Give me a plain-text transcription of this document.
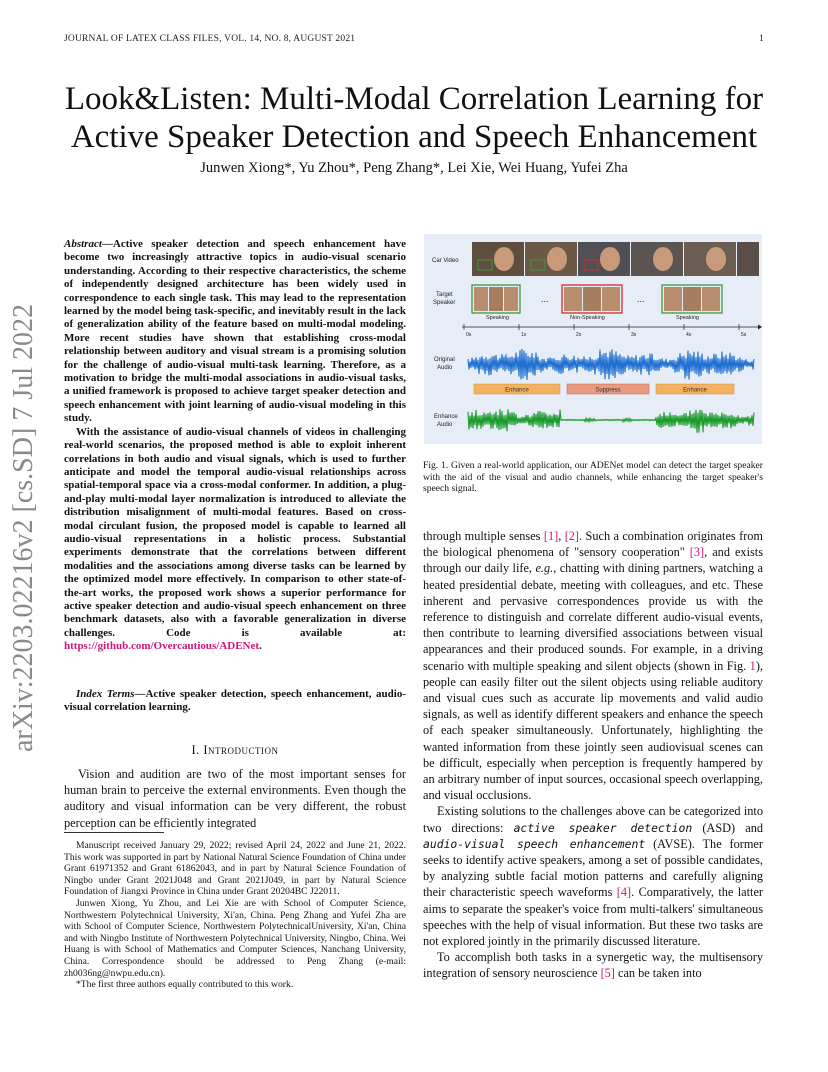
JOURNAL OF LATEX CLASS FILES, VOL. 14, NO. 8, AUGUST 2021	1
Look&Listen: Multi-Modal Correlation Learning for Active Speaker Detection and Speech Enhancement
Junwen Xiong*, Yu Zhou*, Peng Zhang*, Lei Xie, Wei Huang, Yufei Zha
arXiv:2203.02216v2 [cs.SD] 7 Jul 2022

Abstract—Active speaker detection and speech enhancement have become two increasingly attractive topics in audio-visual scenario understanding. According to their respective characteristics, the scheme of independently designed architecture has been widely used in correspondence to each single task. This may lead to the representation learned by the model being task-specific, and inevitably result in the lack of generalization ability of the feature based on multi-modal modeling. More recent studies have shown that establishing cross-modal relationship between auditory and visual stream is a promising solution for the challenge of audio-visual multi-task learning. Therefore, as a motivation to bridge the multi-modal associations in audio-visual tasks, a unified framework is proposed to achieve target speaker detection and speech enhancement with joint learning of audio-visual modeling in this study.

With the assistance of audio-visual channels of videos in challenging real-world scenarios, the proposed method is able to exploit inherent correlations in both audio and visual signals, which is used to further anticipate and model the temporal audio-visual relationships across spatial-temporal space via a cross-modal conformer. In addition, a plug-and-play multi-modal layer normalization is introduced to alleviate the distribution misalignment of multi-modal features. Based on cross-modal circulant fusion, the proposed model is capable to learned all audio-visual representations in a holistic process. Substantial experiments demonstrate that the correlations between different modalities and the associations among diverse tasks can be learned by the optimized model more effectively. In comparison to other state-of-the-art works, the proposed work shows a superior performance for active speaker detection and audio-visual speech enhancement on three benchmark datasets, also with a favorable generalization in diverse challenges. Code is available at: https://github.com/Overcautious/ADENet.

Index Terms—Active speaker detection, speech enhancement, audio-visual correlation learning.
I. Introduction

Vision and audition are two of the most important senses for human brain to perceive the external environments. Even though the auditory and visual information can be very different, the robust perception can be efficiently integrated

Manuscript received January 29, 2022; revised April 24, 2022 and June 21, 2022. This work was supported in part by National Natural Science Foundation of China under Grant 61971352 and Grant 61862043, and in part by Natural Science Foundation of Ningbo under Grant 2021J048 and Grant 2021J049, in part by Natural Science Foundation of Jiangxi Province in China under Grant 20204BC J22011.

Junwen Xiong, Yu Zhou, and Lei Xie are with School of Computer Science, Northwestern Polytechnical University, Xi'an, China. Peng Zhang and Yufei Zha are with School of Computer Science, Northwestern PolytechnicalUniversity, Xi'an, China and with Ningbo Institute of Northwestern Polytechnical University, Ningbo, China. Wei Huang is with School of Mathematics and Computer Sciences, Nanchang University, China. Correspondence should be addressed to Peng Zhang (e-mail: zh0036ng@nwpu.edu.cn).

*The first three authors equally contributed to this work.

Car Video
Target
Speaker
Original
Audio
Enhance
Audio
...	...
Speaking	Non-Speaking	Speaking
0s	1s	2s	3s	4s	5s
Enhance	Suppress	Enhance
Fig. 1. Given a real-world application, our ADENet model can detect the target speaker with the aid of the visual and audio channels, while enhancing the target speaker's speech signal.

through multiple senses [1], [2]. Such a combination originates from the biological phenomena of "sensory cooperation" [3], and exists through our daily life, e.g., chatting with dining partners, watching a heated presidential debate, meeting with colleagues, and etc. These inherent and pervasive correspondences provide us with the reference to distinguish and correlate different audio-visual events, then contribute to learning diversified associations between visual appearances and their produced sounds. For example, in a driving scenario with multiple speaking and silent objects (shown in Fig. 1), people can easily filter out the silent objects using reliable auditory and visual cues such as accurate lip movements and valid audio signals, as well as identify different speakers and enhance the speech of each speaker simultaneously. Unfortunately, highlighting the wanted information from these jointly seen audiovisual scenes can be difficult, especially when perception is frequently hampered by an arbitrary number of input sources, occasional speech overlapping, and visual occlusions.

Existing solutions to the challenges above can be categorized into two directions: active speaker detection (ASD) and audio-visual speech enhancement (AVSE). The former seeks to identify active speakers, among a set of possible candidates, by analyzing subtle facial motion patterns and carefully aligning their characteristic speech waveforms [4]. Comparatively, the latter aims to separate the speaker's voice from multi-talkers' simultaneous speeches with the help of visual information. But these two tasks are not explored jointly in the primarily discussed literature.

To accomplish both tasks in a synergetic way, the multisensory integration of sensory neuroscience [5] can be taken into
